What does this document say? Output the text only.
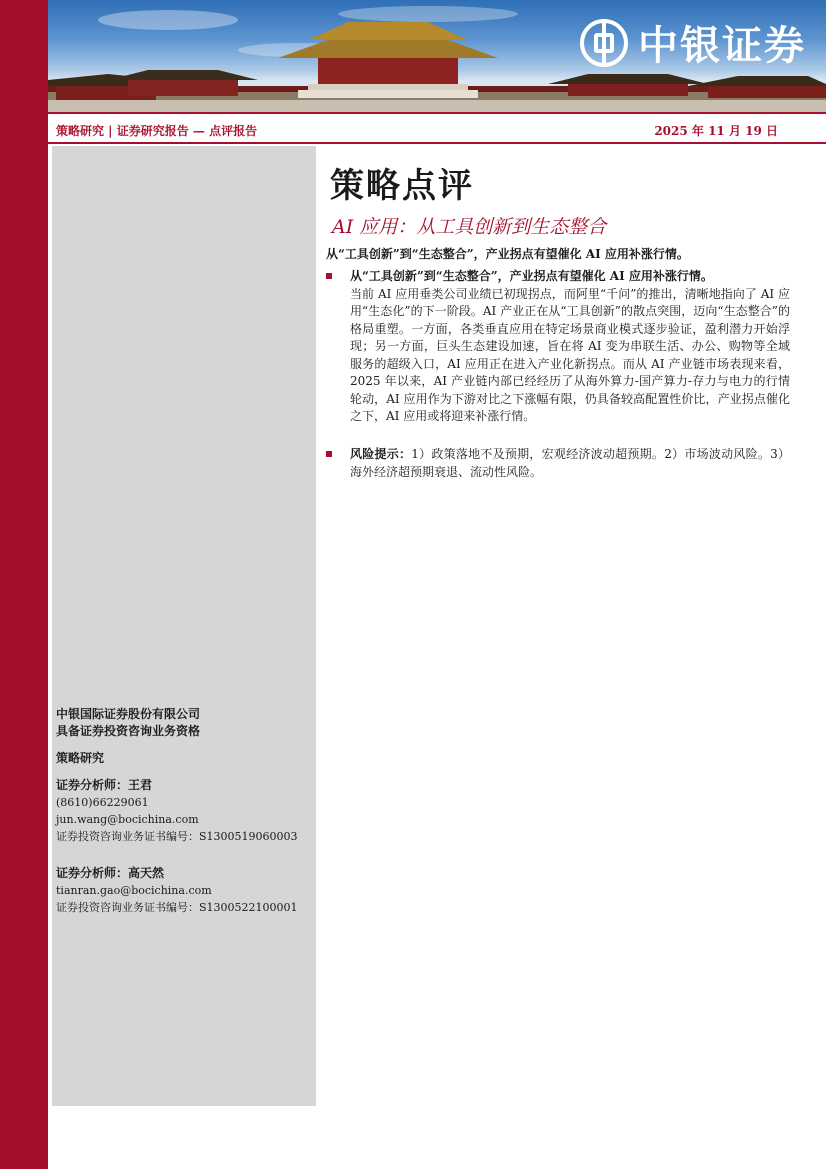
中银证券
策略研究 | 证券研究报告 — 点评报告	2025 年 11 月 19 日
中银国际证券股份有限公司
具备证券投资咨询业务资格
策略研究
证券分析师：王君
(8610)66229061
jun.wang@bocichina.com
证券投资咨询业务证书编号：S1300519060003
证券分析师：高天然
tianran.gao@bocichina.com
证券投资咨询业务证书编号：S1300522100001
策略点评
AI 应用：从工具创新到生态整合
从“工具创新”到“生态整合”，产业拐点有望催化 AI 应用补涨行情。
从“工具创新”到“生态整合”，产业拐点有望催化 AI 应用补涨行情。
当前 AI 应用垂类公司业绩已初现拐点，而阿里“千问”的推出，清晰地指向了 AI 应用“生态化”的下一阶段。AI 产业正在从“工具创新”的散点突围，迈向“生态整合”的格局重塑。一方面，各类垂直应用在特定场景商业模式逐步验证，盈利潜力开始浮现；另一方面，巨头生态建设加速，旨在将 AI 变为串联生活、办公、购物等全域服务的超级入口，AI 应用正在进入产业化新拐点。而从 AI 产业链市场表现来看，2025 年以来，AI 产业链内部已经经历了从海外算力-国产算力-存力与电力的行情轮动，AI 应用作为下游对比之下涨幅有限，仍具备较高配置性价比，产业拐点催化之下，AI 应用或将迎来补涨行情。
风险提示：1）政策落地不及预期，宏观经济波动超预期。2）市场波动风险。3）海外经济超预期衰退、流动性风险。
